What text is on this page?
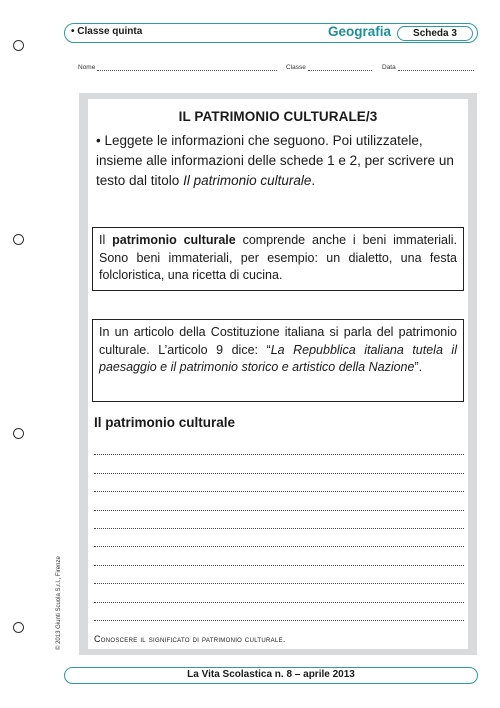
• Classe quinta	Geografia	Scheda 3
Nome	Classe	Data
IL PATRIMONIO CULTURALE/3
• Leggete le informazioni che seguono. Poi utilizzatele, insieme alle informazioni delle schede 1 e 2, per scrivere un testo dal titolo Il patrimonio culturale.
Il patrimonio culturale comprende anche i beni immateriali. Sono beni immateriali, per esempio: un dialetto, una festa folcloristica, una ricetta di cucina.
In un articolo della Costituzione italiana si parla del patrimonio culturale. L’articolo 9 dice: “La Repubblica italiana tutela il paesaggio e il patrimonio storico e artistico della Nazione”.
Il patrimonio culturale
Conoscere il significato di patrimonio culturale.
© 2013 Giunti Scuola S.r.l., Firenze
La Vita Scolastica n. 8 – aprile 2013
